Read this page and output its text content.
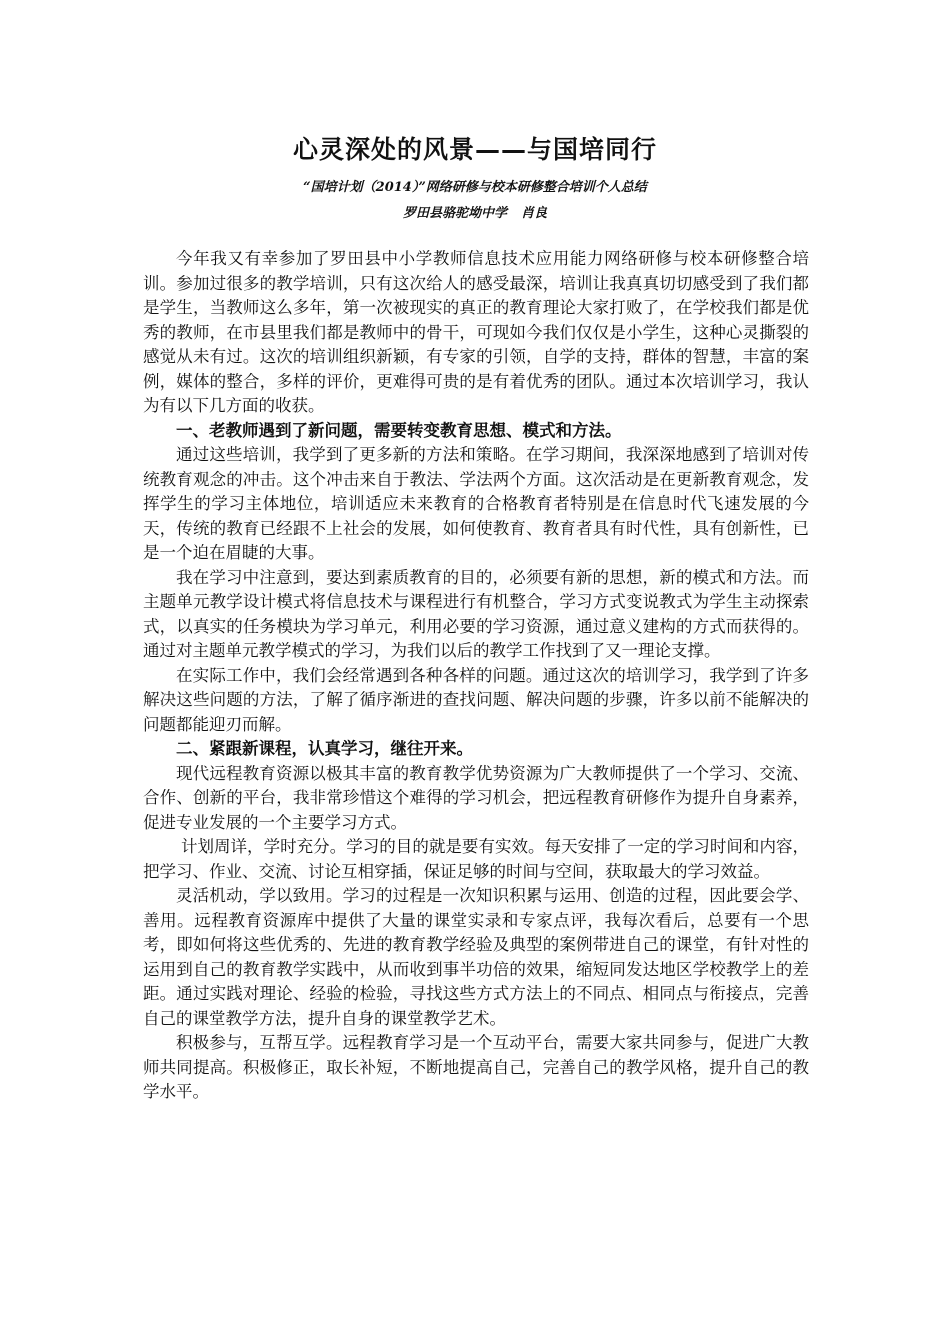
心灵深处的风景——与国培同行
“国培计划（2014）”网络研修与校本研修整合培训个人总结
罗田县骆驼坳中学 肖良

今年我又有幸参加了罗田县中小学教师信息技术应用能力网络研修与校本研修整合培训。参加过很多的教学培训，只有这次给人的感受最深，培训让我真真切切感受到了我们都是学生，当教师这么多年，第一次被现实的真正的教育理论大家打败了，在学校我们都是优秀的教师，在市县里我们都是教师中的骨干，可现如今我们仅仅是小学生，这种心灵撕裂的感觉从未有过。这次的培训组织新颖，有专家的引领，自学的支持，群体的智慧，丰富的案例，媒体的整合，多样的评价，更难得可贵的是有着优秀的团队。通过本次培训学习，我认为有以下几方面的收获。

一、老教师遇到了新问题，需要转变教育思想、模式和方法。

通过这些培训，我学到了更多新的方法和策略。在学习期间，我深深地感到了培训对传统教育观念的冲击。这个冲击来自于教法、学法两个方面。这次活动是在更新教育观念，发挥学生的学习主体地位，培训适应未来教育的合格教育者特别是在信息时代飞速发展的今天，传统的教育已经跟不上社会的发展，如何使教育、教育者具有时代性，具有创新性，已是一个迫在眉睫的大事。

我在学习中注意到，要达到素质教育的目的，必须要有新的思想，新的模式和方法。而主题单元教学设计模式将信息技术与课程进行有机整合，学习方式变说教式为学生主动探索式，以真实的任务模块为学习单元，利用必要的学习资源，通过意义建构的方式而获得的。通过对主题单元教学模式的学习，为我们以后的教学工作找到了又一理论支撑。

在实际工作中，我们会经常遇到各种各样的问题。通过这次的培训学习，我学到了许多解决这些问题的方法，了解了循序渐进的查找问题、解决问题的步骤，许多以前不能解决的问题都能迎刃而解。

二、紧跟新课程，认真学习，继往开来。

现代远程教育资源以极其丰富的教育教学优势资源为广大教师提供了一个学习、交流、合作、创新的平台，我非常珍惜这个难得的学习机会，把远程教育研修作为提升自身素养，促进专业发展的一个主要学习方式。

计划周详，学时充分。学习的目的就是要有实效。每天安排了一定的学习时间和内容，把学习、作业、交流、讨论互相穿插，保证足够的时间与空间，获取最大的学习效益。

灵活机动，学以致用。学习的过程是一次知识积累与运用、创造的过程，因此要会学、善用。远程教育资源库中提供了大量的课堂实录和专家点评，我每次看后，总要有一个思考，即如何将这些优秀的、先进的教育教学经验及典型的案例带进自己的课堂，有针对性的运用到自己的教育教学实践中，从而收到事半功倍的效果，缩短同发达地区学校教学上的差距。通过实践对理论、经验的检验，寻找这些方式方法上的不同点、相同点与衔接点，完善自己的课堂教学方法，提升自身的课堂教学艺术。

积极参与，互帮互学。远程教育学习是一个互动平台，需要大家共同参与，促进广大教师共同提高。积极修正，取长补短，不断地提高自己，完善自己的教学风格，提升自己的教学水平。
